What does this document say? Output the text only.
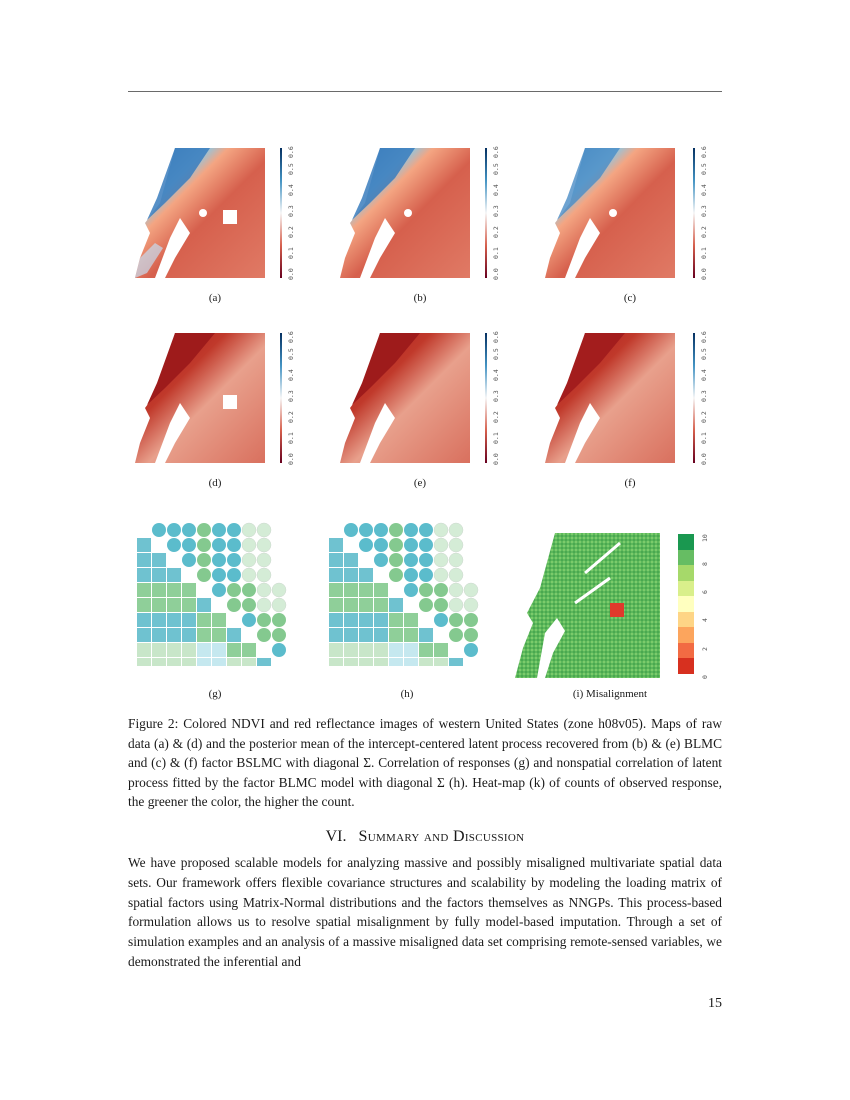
0.0
0.1
0.2
0.3
0.4
0.5
0.6
(a)
0.0
0.1
0.2
0.3
0.4
0.5
0.6
(b)
0.0
0.1
0.2
0.3
0.4
0.5
0.6
(c)
0.0
0.1
0.2
0.3
0.4
0.5
0.6
(d)
0.0
0.1
0.2
0.3
0.4
0.5
0.6
(e)
0.0
0.1
0.2
0.3
0.4
0.5
0.6
(f)
(g)	(h)
0
2
4
6
8
10
(i) Misalignment
Figure 2: Colored NDVI and red reflectance images of western United States (zone h08v05). Maps of raw data (a) & (d) and the posterior mean of the intercept-centered latent process recovered from (b) & (e) BLMC and (c) & (f) factor BSLMC with diagonal Σ. Correlation of responses (g) and nonspatial correlation of latent process fitted by the factor BLMC model with diagonal Σ (h). Heat-map (k) of counts of observed response, the greener the color, the higher the count.
VI. Summary and Discussion
We have proposed scalable models for analyzing massive and possibly misaligned multivariate spatial data sets. Our framework offers flexible covariance structures and scalability by modeling the loading matrix of spatial factors using Matrix-Normal distributions and the factors themselves as NNGPs. This process-based formulation allows us to resolve spatial misalignment by fully model-based imputation. Through a set of simulation examples and an analysis of a massive misaligned data set comprising remote-sensed variables, we demonstrated the inferential and
15
